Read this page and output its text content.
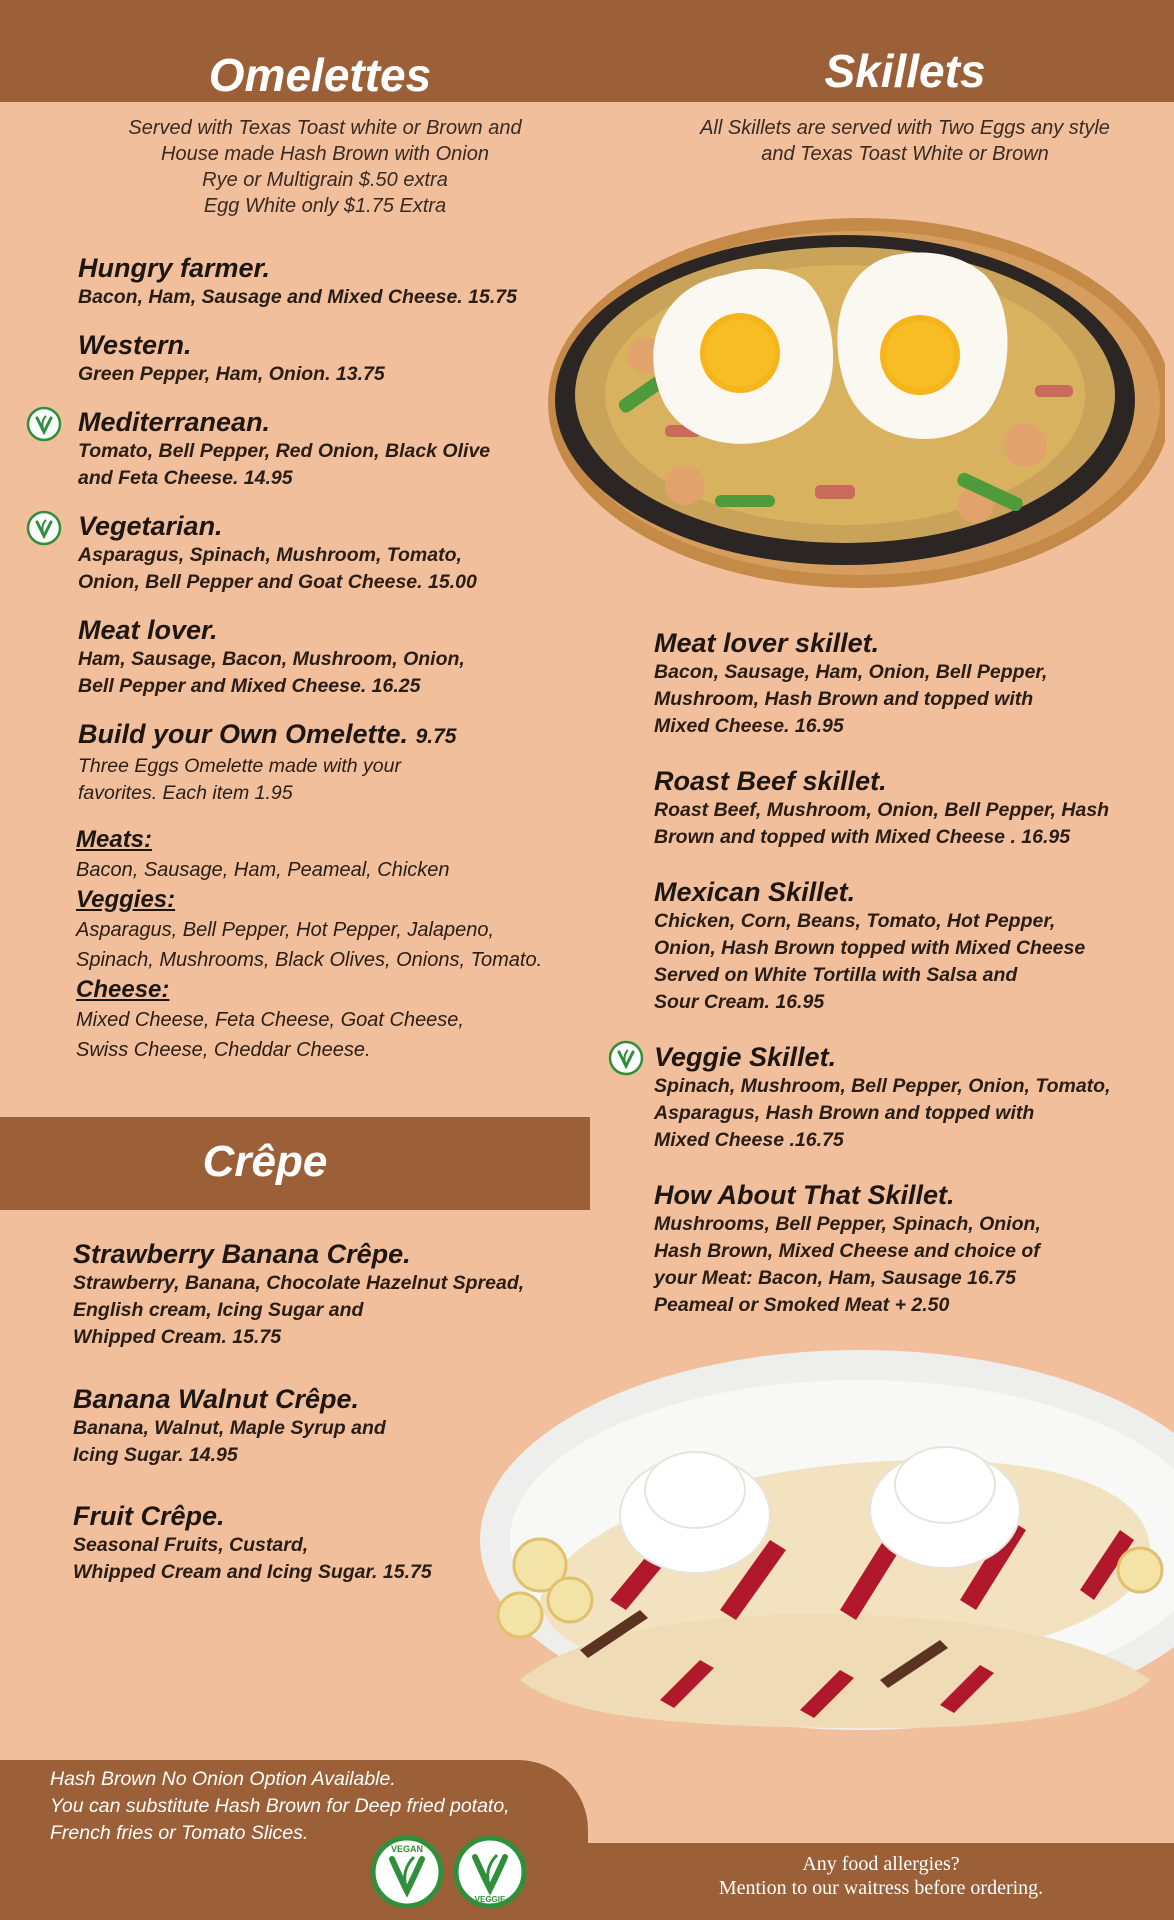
Omelettes	Skillets
Served with Texas Toast white or Brown and
House made Hash Brown with Onion
Rye or Multigrain $.50 extra
Egg White only $1.75 Extra
All Skillets are served with Two Eggs any style
and Texas Toast White or Brown

Hungry farmer.

Bacon, Ham, Sausage and Mixed Cheese. 15.75

Western.

Green Pepper, Ham, Onion. 13.75

Mediterranean.

Tomato, Bell Pepper, Red Onion, Black Olive

and Feta Cheese. 14.95

Vegetarian.

Asparagus, Spinach, Mushroom, Tomato,

Onion, Bell Pepper and Goat Cheese. 15.00

Meat lover.

Ham, Sausage, Bacon, Mushroom, Onion,

Bell Pepper and Mixed Cheese. 16.25

Build your Own Omelette. 9.75

Three Eggs Omelette made with your

favorites. Each item 1.95

Meats:

Bacon, Sausage, Ham, Peameal, Chicken

Veggies:

Asparagus, Bell Pepper, Hot Pepper, Jalapeno,

Spinach, Mushrooms, Black Olives, Onions, Tomato.

Cheese:

Mixed Cheese, Feta Cheese, Goat Cheese,

Swiss Cheese, Cheddar Cheese.

Meat lover skillet.

Bacon, Sausage, Ham, Onion, Bell Pepper,

Mushroom, Hash Brown and topped with

Mixed Cheese. 16.95

Roast Beef skillet.

Roast Beef, Mushroom, Onion, Bell Pepper, Hash

Brown and topped with Mixed Cheese . 16.95

Mexican Skillet.

Chicken, Corn, Beans, Tomato, Hot Pepper,

Onion, Hash Brown topped with Mixed Cheese

Served on White Tortilla with Salsa and

Sour Cream. 16.95

Veggie Skillet.

Spinach, Mushroom, Bell Pepper, Onion, Tomato,

Asparagus, Hash Brown and topped with

Mixed Cheese .16.75

How About That Skillet.

Mushrooms, Bell Pepper, Spinach, Onion,

Hash Brown, Mixed Cheese and choice of

your Meat: Bacon, Ham, Sausage 16.75

Peameal or Smoked Meat + 2.50

Crêpe

Strawberry Banana Crêpe.

Strawberry, Banana, Chocolate Hazelnut Spread,

English cream, Icing Sugar and

Whipped Cream. 15.75

Banana Walnut Crêpe.

Banana, Walnut, Maple Syrup and

Icing Sugar. 14.95

Fruit Crêpe.

Seasonal Fruits, Custard,

Whipped Cream and Icing Sugar. 15.75

Hash Brown No Onion Option Available.
You can substitute Hash Brown for Deep fried potato,
French fries or Tomato Slices.
VEGAN
VEGGIE
Any food allergies?
Mention to our waitress before ordering.
